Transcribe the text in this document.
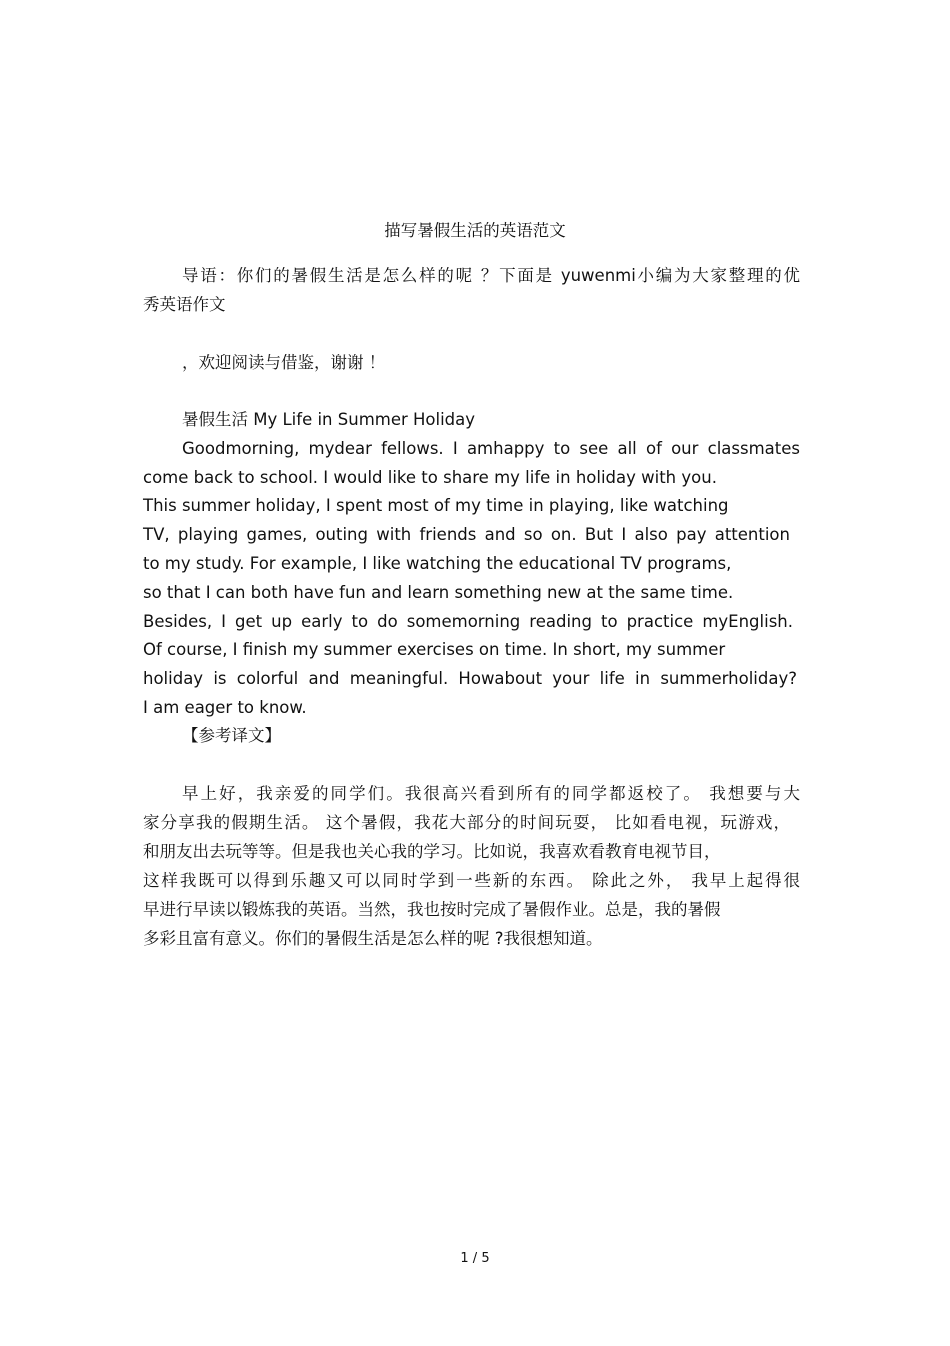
描写暑假生活的英语范文
导语：你们的暑假生活是怎么样的呢 ？下面是 yuwenmi小编为大家整理的优
秀英语作文
，欢迎阅读与借鉴，谢谢 ！
暑假生活 My Life in Summer Holiday
Goodmorning, mydear fellows. I amhappy to see all of our classmates
come back to school. I would like to share my life in holiday with you.
This summer holiday, I spent most of my time in playing, like watching
TV, playing games, outing with friends and so on. But I also pay attention
to my study. For example, I like watching the educational TV programs,
so that I can both have fun and learn something new at the same time.
Besides, I get up early to do somemorning reading to practice myEnglish.
Of course, I finish my summer exercises on time. In short, my summer
holiday is colorful and meaningful. Howabout your life in summerholiday?
I am eager to know.
【参考译文】
早上好，我亲爱的同学们。我很高兴看到所有的同学都返校了。 我想要与大
家分享我的假期生活。 这个暑假，我花大部分的时间玩耍， 比如看电视，玩游戏，
和朋友出去玩等等。但是我也关心我的学习。比如说，我喜欢看教育电视节目，
这样我既可以得到乐趣又可以同时学到一些新的东西。 除此之外， 我早上起得很
早进行早读以锻炼我的英语。当然，我也按时完成了暑假作业。总是，我的暑假
多彩且富有意义。你们的暑假生活是怎么样的呢 ?我很想知道。
1 / 5
